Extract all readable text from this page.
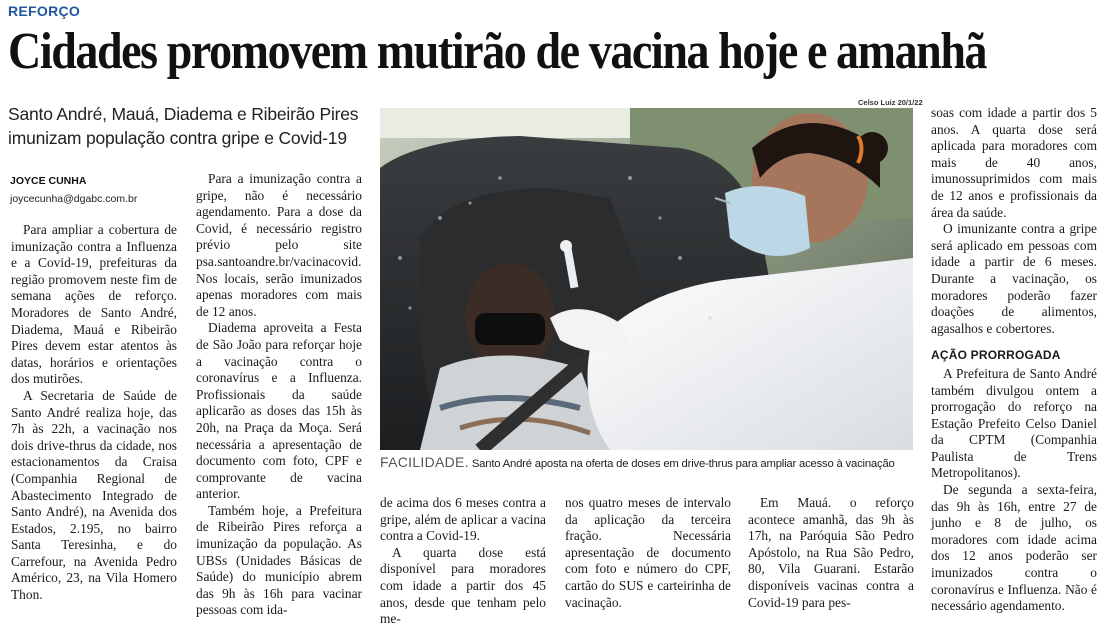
REFORÇO
Cidades promovem mutirão de vacina hoje e amanhã
Santo André, Mauá, Diadema e Ribeirão Pires imunizam população contra gripe e Covid-19
JOYCE CUNHA
joycecunha@dgabc.com.br

Para ampliar a cobertura de imunização contra a Influenza e a Covid-19, prefeituras da região promovem neste fim de semana ações de reforço. Moradores de Santo André, Diadema, Mauá e Ribeirão Pires devem estar atentos às datas, horários e orientações dos mutirões.

A Secretaria de Saúde de Santo André realiza hoje, das 7h às 22h, a vacinação nos dois drive-thrus da cidade, nos estacionamentos da Craisa (Companhia Regional de Abastecimento Integrado de Santo André), na Avenida dos Estados, 2.195, no bairro Santa Teresinha, e do Carrefour, na Avenida Pedro Américo, 23, na Vila Homero Thon.

Para a imunização contra a gripe, não é necessário agendamento. Para a dose da Covid, é necessário registro prévio pelo site psa.santoandre.br/vacinacovid. Nos locais, serão imunizados apenas moradores com mais de 12 anos.

Diadema aproveita a Festa de São João para reforçar hoje a vacinação contra o coronavírus e a Influenza. Profissionais da saúde aplicarão as doses das 15h às 20h, na Praça da Moça. Será necessária a apresentação de documento com foto, CPF e comprovante de vacina anterior.

Também hoje, a Prefeitura de Ribeirão Pires reforça a imunização da população. As UBSs (Unidades Básicas de Saúde) do município abrem das 9h às 16h para vacinar pessoas com ida-

Celso Luiz 20/1/22
FACILIDADE. Santo André aposta na oferta de doses em drive-thrus para ampliar acesso à vacinação

de acima dos 6 meses contra a gripe, além de aplicar a vacina contra a Covid-19.

A quarta dose está disponível para moradores com idade a partir dos 45 anos, desde que tenham pelo me-

nos quatro meses de intervalo da aplicação da terceira fração. Necessária apresentação de documento com foto e número do CPF, cartão do SUS e carteirinha de vacinação.

Em Mauá. o reforço acontece amanhã, das 9h às 17h, na Paróquia São Pedro Apóstolo, na Rua São Pedro, 80, Vila Guarani. Estarão disponíveis vacinas contra a Covid-19 para pes-

soas com idade a partir dos 5 anos. A quarta dose será aplicada para moradores com mais de 40 anos, imunossuprimidos com mais de 12 anos e profissionais da área da saúde.

O imunizante contra a gripe será aplicado em pessoas com idade a partir de 6 meses. Durante a vacinação, os moradores poderão fazer doações de alimentos, agasalhos e cobertores.

AÇÃO PRORROGADA

A Prefeitura de Santo André também divulgou ontem a prorrogação do reforço na Estação Prefeito Celso Daniel da CPTM (Companhia Paulista de Trens Metropolitanos).

De segunda a sexta-feira, das 9h às 16h, entre 27 de junho e 8 de julho, os moradores com idade acima dos 12 anos poderão ser imunizados contra o coronavírus e Influenza. Não é necessário agendamento.
